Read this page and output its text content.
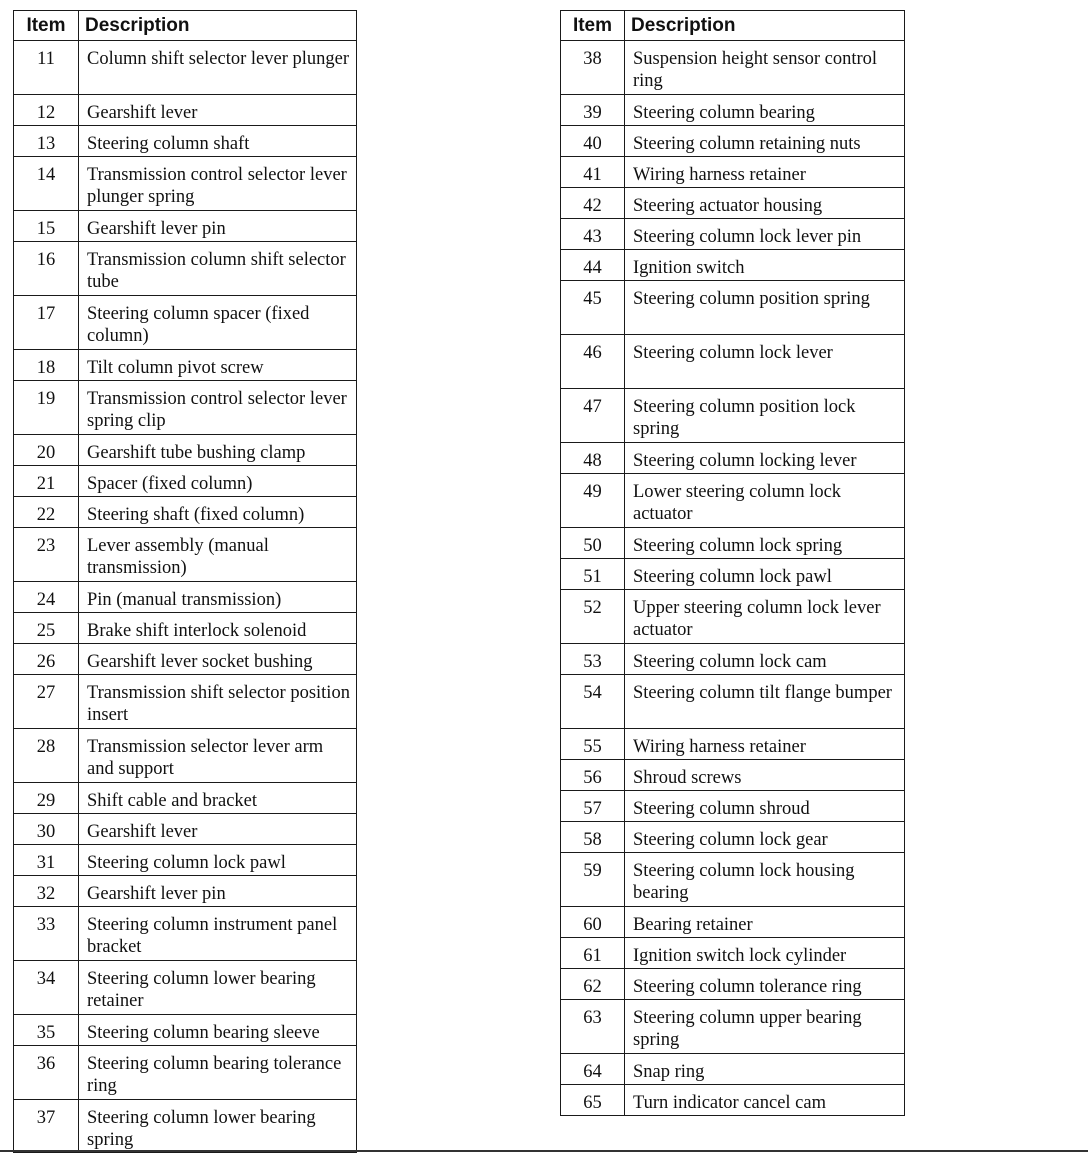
Item	Description
11	Column shift selector lever plunger
12	Gearshift lever
13	Steering column shaft
14	Transmission control selector lever plunger spring
15	Gearshift lever pin
16	Transmission column shift selector tube
17	Steering column spacer (fixed column)
18	Tilt column pivot screw
19	Transmission control selector lever spring clip
20	Gearshift tube bushing clamp
21	Spacer (fixed column)
22	Steering shaft (fixed column)
23	Lever assembly (manual transmission)
24	Pin (manual transmission)
25	Brake shift interlock solenoid
26	Gearshift lever socket bushing
27	Transmission shift selector position insert
28	Transmission selector lever arm and support
29	Shift cable and bracket
30	Gearshift lever
31	Steering column lock pawl
32	Gearshift lever pin
33	Steering column instrument panel bracket
34	Steering column lower bearing retainer
35	Steering column bearing sleeve
36	Steering column bearing tolerance ring
37	Steering column lower bearing spring
Item	Description
38	Suspension height sensor control ring
39	Steering column bearing
40	Steering column retaining nuts
41	Wiring harness retainer
42	Steering actuator housing
43	Steering column lock lever pin
44	Ignition switch
45	Steering column position spring
46	Steering column lock lever
47	Steering column position lock spring
48	Steering column locking lever
49	Lower steering column lock actuator
50	Steering column lock spring
51	Steering column lock pawl
52	Upper steering column lock lever actuator
53	Steering column lock cam
54	Steering column tilt flange bumper
55	Wiring harness retainer
56	Shroud screws
57	Steering column shroud
58	Steering column lock gear
59	Steering column lock housing bearing
60	Bearing retainer
61	Ignition switch lock cylinder
62	Steering column tolerance ring
63	Steering column upper bearing spring
64	Snap ring
65	Turn indicator cancel cam
